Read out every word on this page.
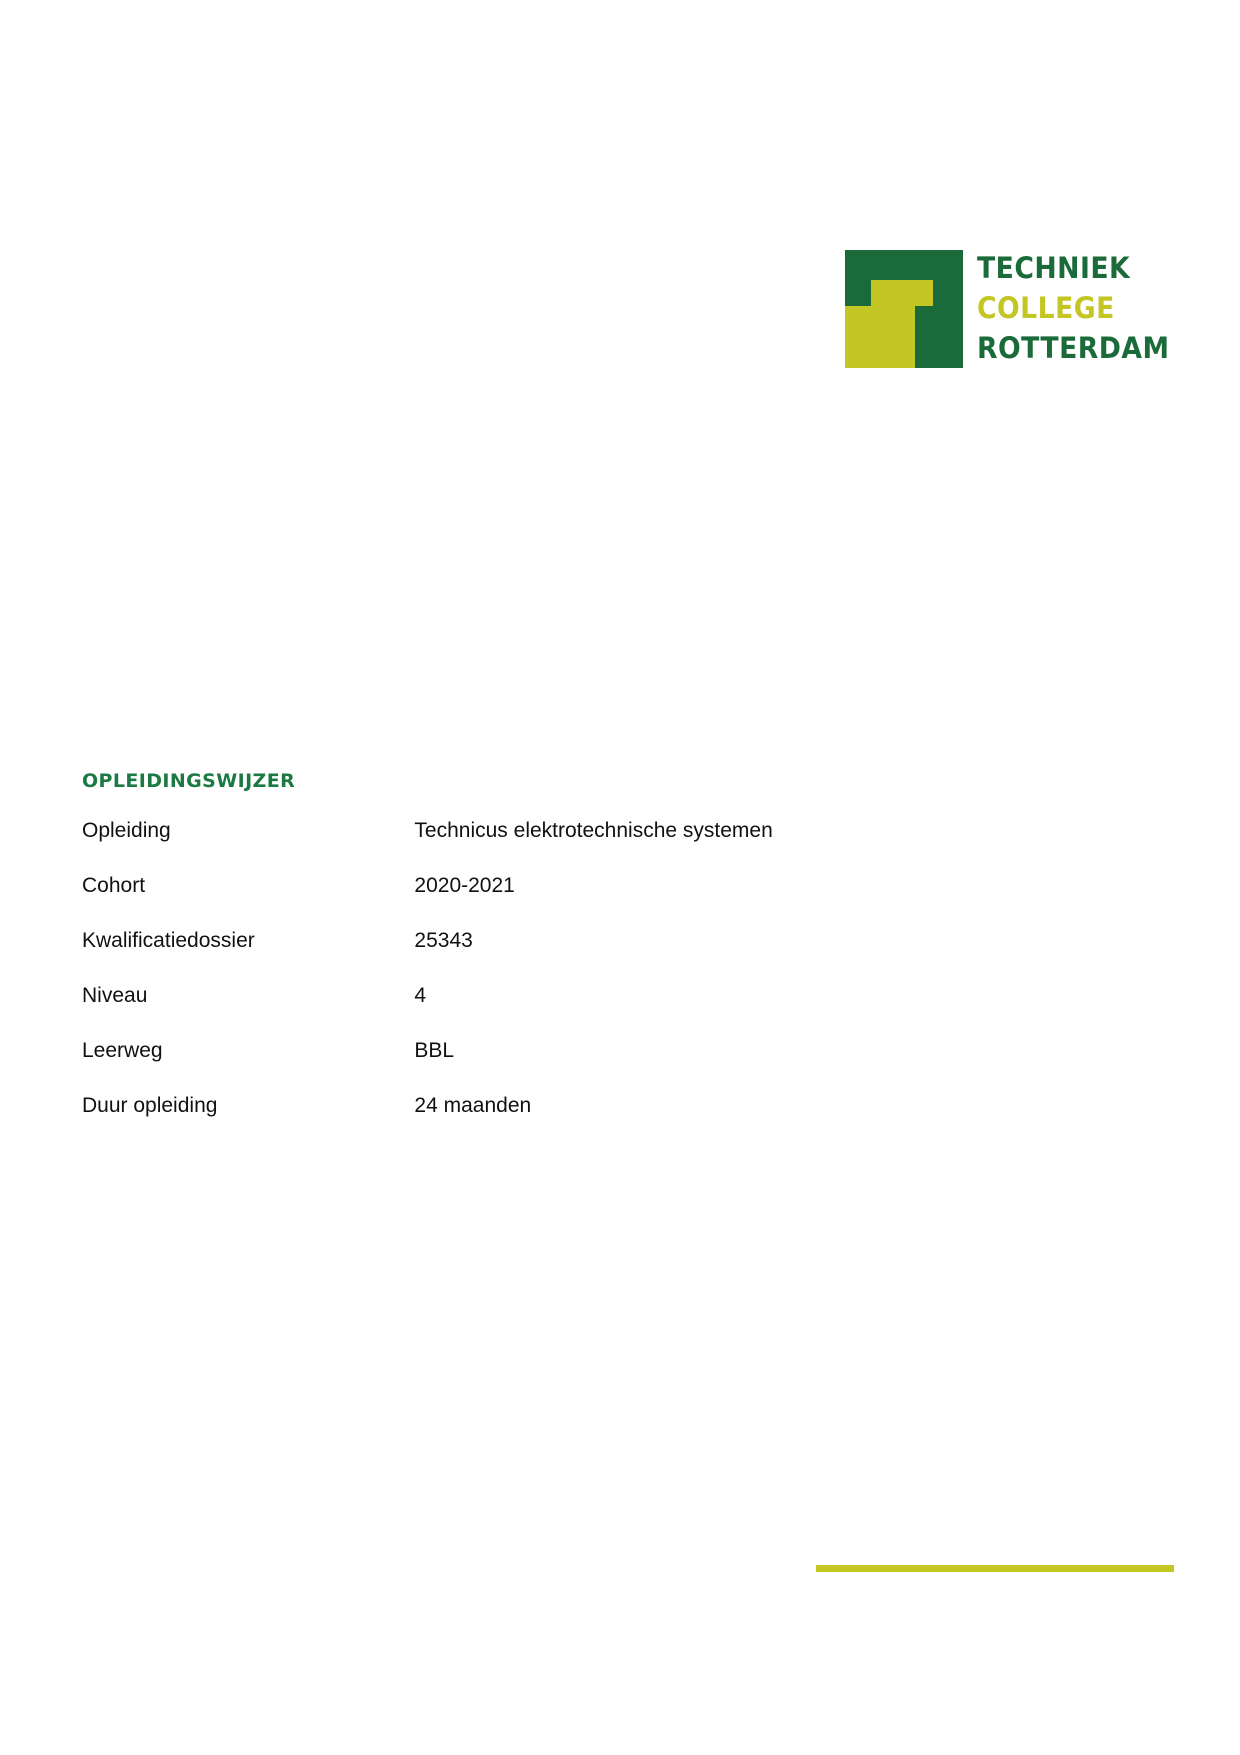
TECHNIEK
COLLEGE
ROTTERDAM
OPLEIDINGSWIJZER
Opleiding	Technicus elektrotechnische systemen
Cohort	2020-2021
Kwalificatiedossier	25343
Niveau	4
Leerweg	BBL
Duur opleiding	24 maanden
